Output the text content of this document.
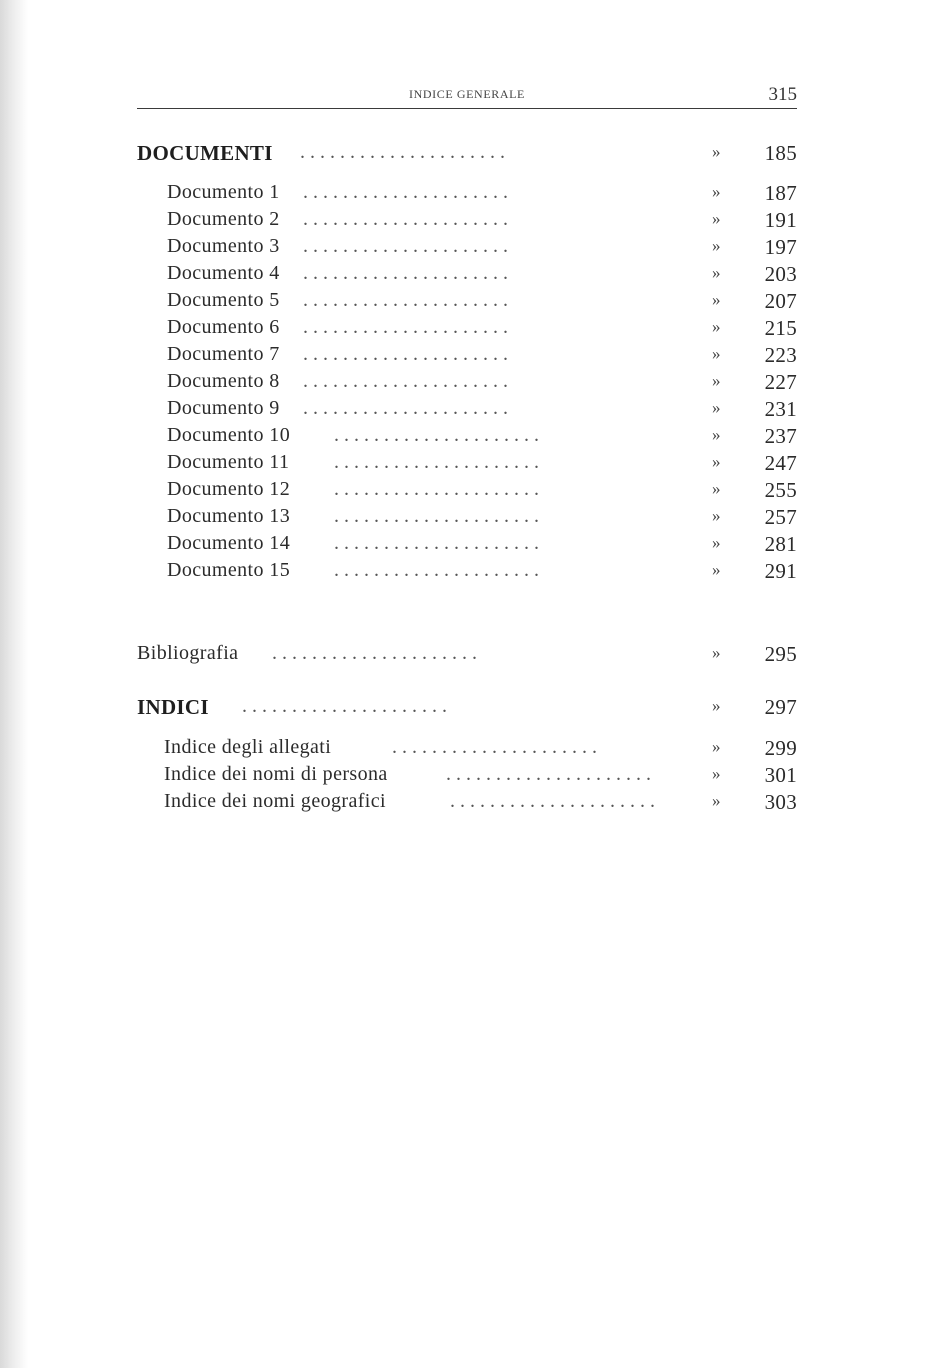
INDICE GENERALE	315
DOCUMENTI . . . . . . . . . . . . . . . . . . . . .	» 185
Documento 1 . . . . . . . . . . . . . . . . . . . . .	» 187
Documento 2 . . . . . . . . . . . . . . . . . . . . .	» 191
Documento 3 . . . . . . . . . . . . . . . . . . . . .	» 197
Documento 4 . . . . . . . . . . . . . . . . . . . . .	» 203
Documento 5 . . . . . . . . . . . . . . . . . . . . .	» 207
Documento 6 . . . . . . . . . . . . . . . . . . . . .	» 215
Documento 7 . . . . . . . . . . . . . . . . . . . . .	» 223
Documento 8 . . . . . . . . . . . . . . . . . . . . .	» 227
Documento 9 . . . . . . . . . . . . . . . . . . . . .	» 231
Documento 10 . . . . . . . . . . . . . . . . . . . . .	» 237
Documento 11 . . . . . . . . . . . . . . . . . . . . .	» 247
Documento 12 . . . . . . . . . . . . . . . . . . . . .	» 255
Documento 13 . . . . . . . . . . . . . . . . . . . . .	» 257
Documento 14 . . . . . . . . . . . . . . . . . . . . .	» 281
Documento 15 . . . . . . . . . . . . . . . . . . . . .	» 291
Bibliografia . . . . . . . . . . . . . . . . . . . . .	» 295
INDICI . . . . . . . . . . . . . . . . . . . . .	» 297
Indice degli allegati	. . . . . . . . . . . . . . . . . . . . .	» 299
Indice dei nomi di persona	. . . . . . . . . . . . . . . . . . . . .	» 301
Indice dei nomi geografici	. . . . . . . . . . . . . . . . . . . . .	» 303
